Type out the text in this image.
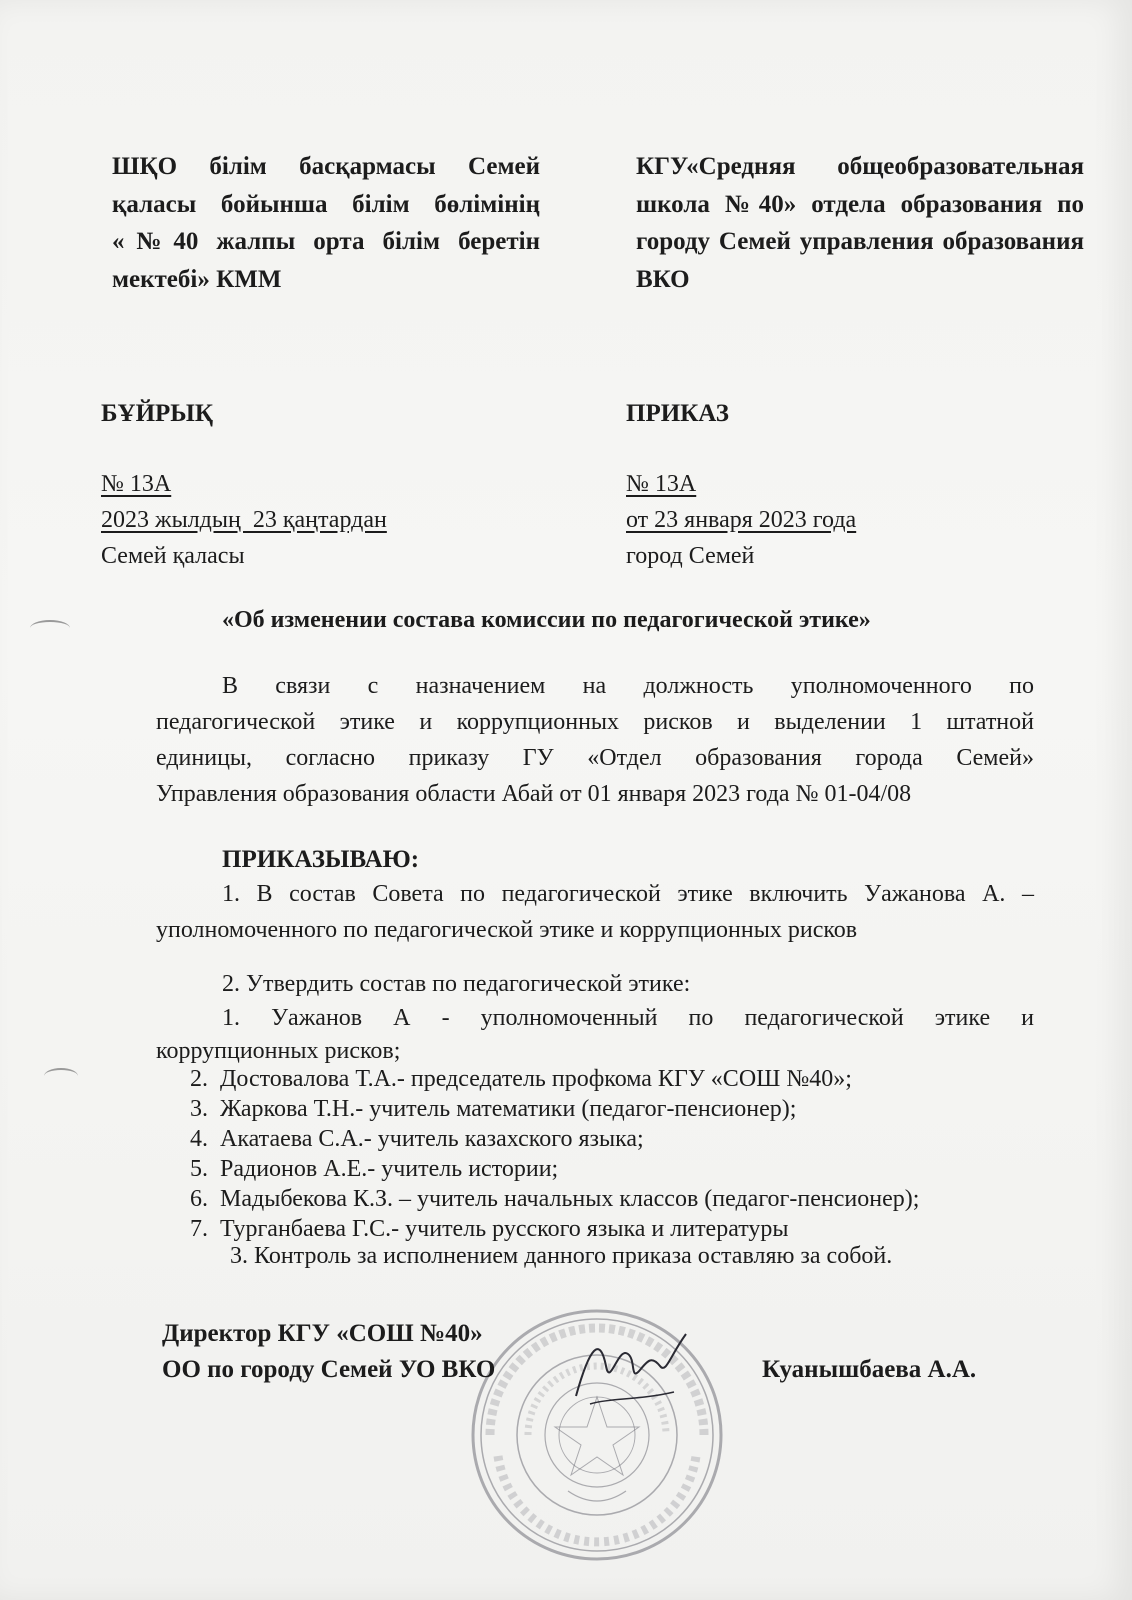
ШҚО білім басқармасы Семей қаласы бойынша білім бөлімінің «№40 жалпы орта білім беретін мектебі» КММ
КГУ«Средняя общеобразовательная школа №40» отдела образования по городу Семей управления образования ВКО
БҰЙРЫҚ	ПРИКАЗ
№ 13А
2023 жылдың  23 қаңтардан
Семей қаласы
№ 13А
от 23 января 2023 года
город Семей
«Об изменении состава комиссии по педагогической этике»
В связи с назначением на должность уполномоченного по
педагогической этике и коррупционных рисков и выделении 1 штатной
единицы, согласно приказу ГУ «Отдел образования города Семей»
Управления образования области Абай от 01 января 2023 года № 01-04/08
ПРИКАЗЫВАЮ:
1. В состав Совета по педагогической этике включить Уажанова А. –
уполномоченного по педагогической этике и коррупционных рисков
2. Утвердить состав по педагогической этике:
1. Уажанов А - уполномоченный по педагогической этике и
коррупционных рисков;
2.  Достовалова Т.А.- председатель профкома КГУ «СОШ №40»;
3.  Жаркова Т.Н.- учитель математики (педагог-пенсионер);
4.  Акатаева С.А.- учитель казахского языка;
5.  Радионов А.Е.- учитель истории;
6.  Мадыбекова К.З. – учитель начальных классов (педагог-пенсионер);
7.  Турганбаева Г.С.- учитель русского языка и литературы
3. Контроль за исполнением данного приказа оставляю за собой.
Директор КГУ «СОШ №40»
ОО по городу Семей УО ВКО	Куанышбаева А.А.
